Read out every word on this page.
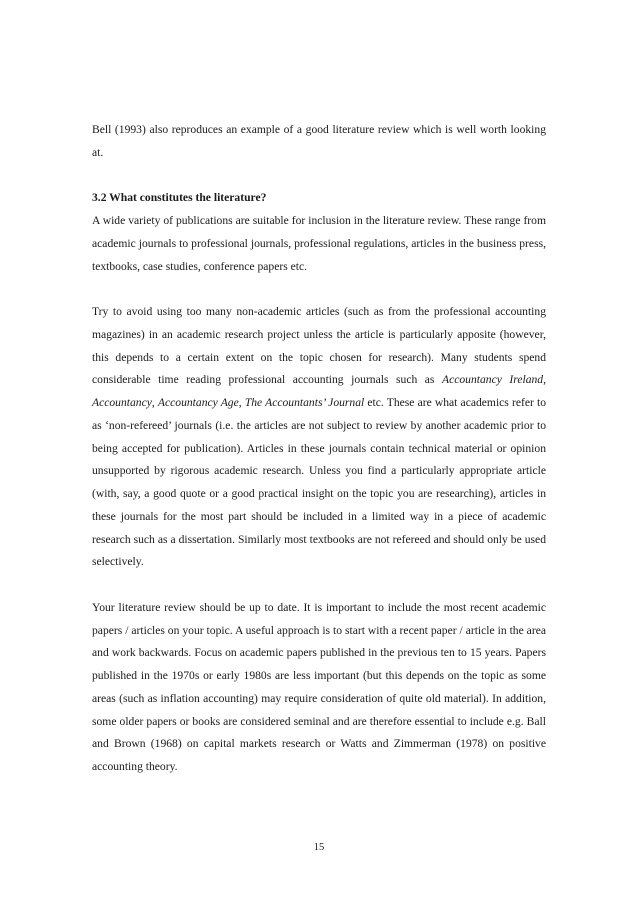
Bell (1993) also reproduces an example of a good literature review which is well worth looking at.

3.2 What constitutes the literature?

A wide variety of publications are suitable for inclusion in the literature review. These range from academic journals to professional journals, professional regulations, articles in the business press, textbooks, case studies, conference papers etc.

Try to avoid using too many non-academic articles (such as from the professional accounting magazines) in an academic research project unless the article is particularly apposite (however, this depends to a certain extent on the topic chosen for research). Many students spend considerable time reading professional accounting journals such as Accountancy Ireland, Accountancy, Accountancy Age, The Accountants’ Journal etc. These are what academics refer to as ‘non-refereed’ journals (i.e. the articles are not subject to review by another academic prior to being accepted for publication). Articles in these journals contain technical material or opinion unsupported by rigorous academic research. Unless you find a particularly appropriate article (with, say, a good quote or a good practical insight on the topic you are researching), articles in these journals for the most part should be included in a limited way in a piece of academic research such as a dissertation. Similarly most textbooks are not refereed and should only be used selectively.

Your literature review should be up to date. It is important to include the most recent academic papers / articles on your topic. A useful approach is to start with a recent paper / article in the area and work backwards. Focus on academic papers published in the previous ten to 15 years. Papers published in the 1970s or early 1980s are less important (but this depends on the topic as some areas (such as inflation accounting) may require consideration of quite old material). In addition, some older papers or books are considered seminal and are therefore essential to include e.g. Ball and Brown (1968) on capital markets research or Watts and Zimmerman (1978) on positive accounting theory.

15
